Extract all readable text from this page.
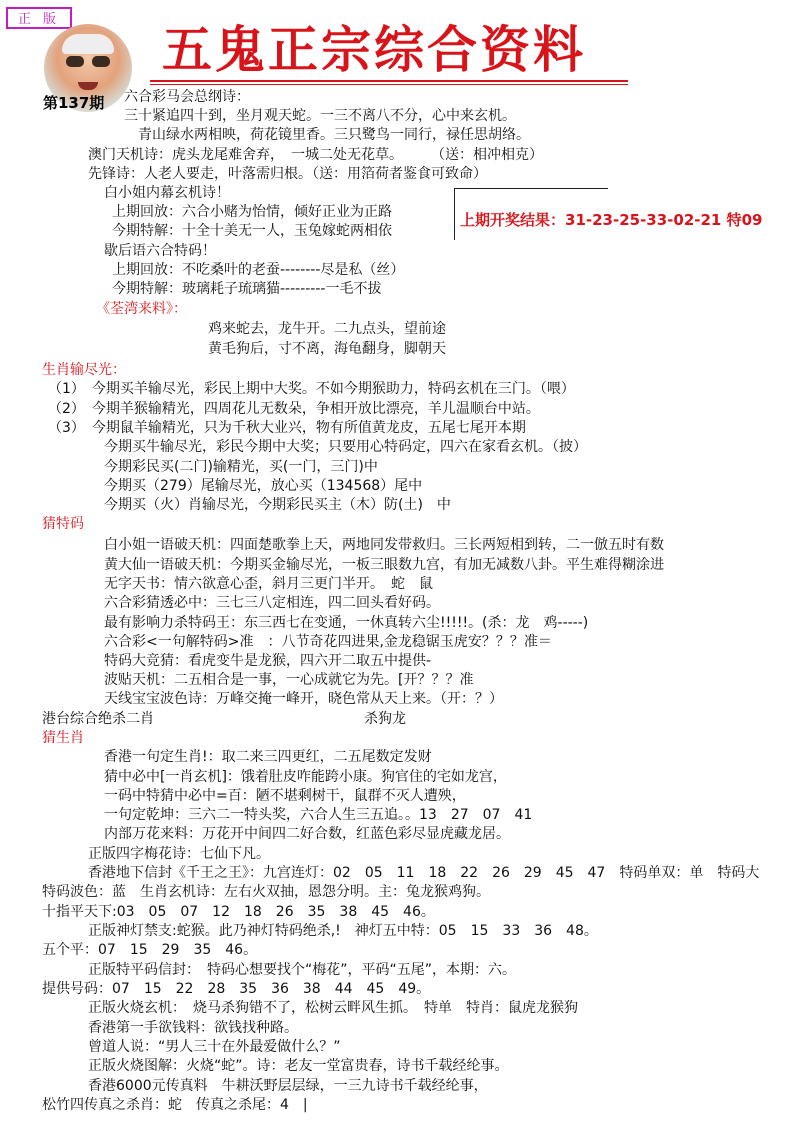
正 版
五鬼正宗综合资料
第137期 六合彩马会总纲诗：
三十紧追四十到，坐月观天蛇。一三不离八不分，心中来玄机。
　青山绿水两相映，荷花镜里香。三只鹭鸟一同行，禄任思胡络。
澳门天机诗：虎头龙尾难舍弃，　一城二处无花草。　　　（送：相冲相克）
先锋诗：人老人要走，叶落需归根。（送：用箔荷者鉴食可致命）
白小姐内幕玄机诗！
上期回放：六合小赌为怡情，倾好正业为正路
今期特解：十全十美无一人，玉兔嫁蛇两相依
歇后语六合特码！
上期回放：不吃桑叶的老蚕--------尽是私（丝）
今期特解：玻璃耗子琉璃猫---------一毛不拔
《荃湾来料》：
鸡来蛇去，龙牛开。二九点头，望前途
黄毛狗后，寸不离，海龟翻身，脚朝天
生肖输尽光：
（1）　今期买羊输尽光，彩民上期中大奖。不如今期猴助力，特码玄机在三门。（喂）
（2）　今期羊猴输精光，四周花儿无数朵，争相开放比漂亮，羊儿温顺台中站。
（3）　今期鼠羊输精光，只为千秋大业兴，物有所值黄龙皮，五尾七尾开本期
今期买牛输尽光，彩民今期中大奖；只要用心特码定，四六在家看玄机。（披）
今期彩民买(二门)输精光，买(一门，三门)中
今期买（279）尾输尽光，放心买（134568）尾中
今期买（火）肖输尽光，今期彩民买主（木）防(土)　中
猜特码
白小姐一语破天机：四面楚歌拳上天，两地同发带救归。三长两短相到转，二一倣五时有数
黄大仙一语破天机：今期买金输尽光，一板三眼数九宫，有加无减数八卦。平生难得糊涂进
无字天书：情六欲意心歪，斜月三更门半开。　蛇　鼠
六合彩猜透必中：三七三八定相连，四二回头看好码。
最有影响力杀特码王：东三西七在变通，一休真转六尘!!!!!。(杀：龙　鸡-----)
六合彩<一句解特码>准　：八节奇花四进果,金龙稳锯玉虎安？？？准＝
特码大竞猜：看虎变牛是龙猴，四六开二取五中提供-
波贴天机：二五相合是一事，一心成就它为先。[开？？？准
天线宝宝波色诗：万峰交掩一峰开，晓色常从天上来。（开：？）
港台综合绝杀二肖　　　　　　　　　　　　　　　杀狗龙
猜生肖
香港一句定生肖!：取二来三四更红，二五尾数定发财
猜中必中[一肖玄机]：饿着肚皮咋能跨小康。狗官住的宅如龙宫，
一码中特猜中必中=百：陋不堪剩树干，鼠群不灭人遭殃，
一句定乾坤：三六二一特头奖，六合人生三五追。。13　27　07　41
内部万花来料：万花开中间四二好合数，红蓝色彩尽显虎藏龙居。
正版四字梅花诗：七仙下凡。
香港地下信封《千王之王》：九宫连灯：02　05　11　18　22　26　29　45　47　特码单双：单　特码大
特码波色：蓝　生肖玄机诗：左右火双抽，恩怨分明。主：兔龙猴鸡狗。
十指平天下:03　05　07　12　18　26　35　38　45　46。
正版神灯禁支:蛇猴。此乃神灯特码绝杀,!　神灯五中特：05　15　33　36　48。
五个平：07　15　29　35　46。
正版特平码信封：　特码心想要找个“梅花”，平码“五尾”，本期：六。
提供号码：07　15　22　28　35　36　38　44　45　49。
正版火烧玄机：　烧马杀狗错不了，松树云畔风生抓。　特单　特肖：鼠虎龙猴狗
香港第一手欲钱料：欲钱找种路。
曾道人说：“男人三十在外最爱做什么？”
正版火烧图解：火烧“蛇”。诗：老友一堂富贵春，诗书千载经纶事。
香港6000元传真料　牛耕沃野层层绿，一三九诗书千载经纶事，
松竹四传真之杀肖：蛇　传真之杀尾：4　|
上期开奖结果：31-23-25-33-02-21 特09
